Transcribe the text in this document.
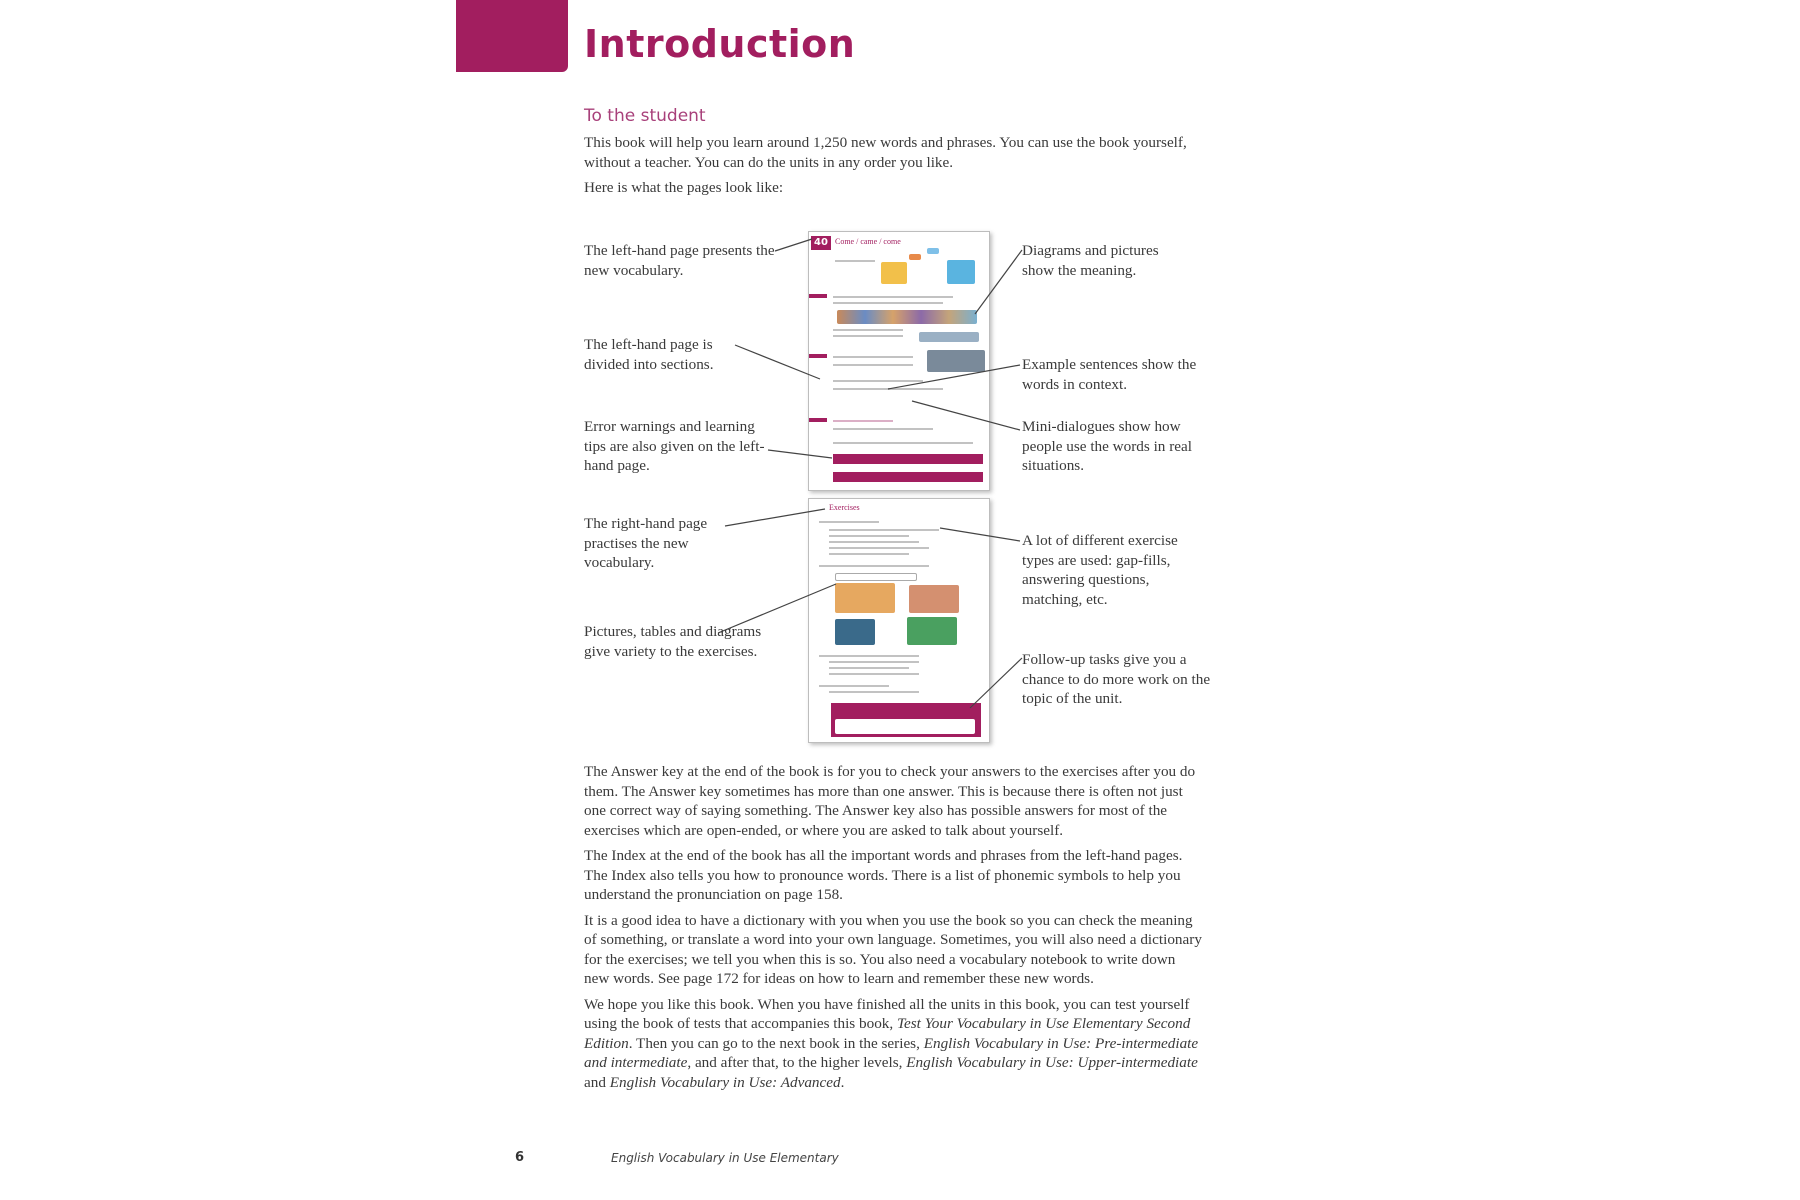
Introduction
To the student

This book will help you learn around 1,250 new words and phrases. You can use the book yourself, without a teacher. You can do the units in any order you like.

Here is what the pages look like:

40 Come / came / come
Exercises
The left-hand page presents the new vocabulary.
The left-hand page is divided into sections.
Error warnings and learning tips are also given on the left-hand page.
The right-hand page practises the new vocabulary.
Pictures, tables and diagrams give variety to the exercises.
Diagrams and pictures show the meaning.
Example sentences show the words in context.
Mini-dialogues show how people use the words in real situations.
A lot of different exercise types are used: gap-fills, answering questions, matching, etc.
Follow-up tasks give you a chance to do more work on the topic of the unit.

The Answer key at the end of the book is for you to check your answers to the exercises after you do them. The Answer key sometimes has more than one answer. This is because there is often not just one correct way of saying something. The Answer key also has possible answers for most of the exercises which are open-ended, or where you are asked to talk about yourself.

The Index at the end of the book has all the important words and phrases from the left-hand pages. The Index also tells you how to pronounce words. There is a list of phonemic symbols to help you understand the pronunciation on page 158.

It is a good idea to have a dictionary with you when you use the book so you can check the meaning of something, or translate a word into your own language. Sometimes, you will also need a dictionary for the exercises; we tell you when this is so. You also need a vocabulary notebook to write down new words. See page 172 for ideas on how to learn and remember these new words.

We hope you like this book. When you have finished all the units in this book, you can test yourself using the book of tests that accompanies this book, Test Your Vocabulary in Use Elementary Second Edition. Then you can go to the next book in the series, English Vocabulary in Use: Pre-intermediate and intermediate, and after that, to the higher levels, English Vocabulary in Use: Upper-intermediate and English Vocabulary in Use: Advanced.

6	English Vocabulary in Use Elementary
